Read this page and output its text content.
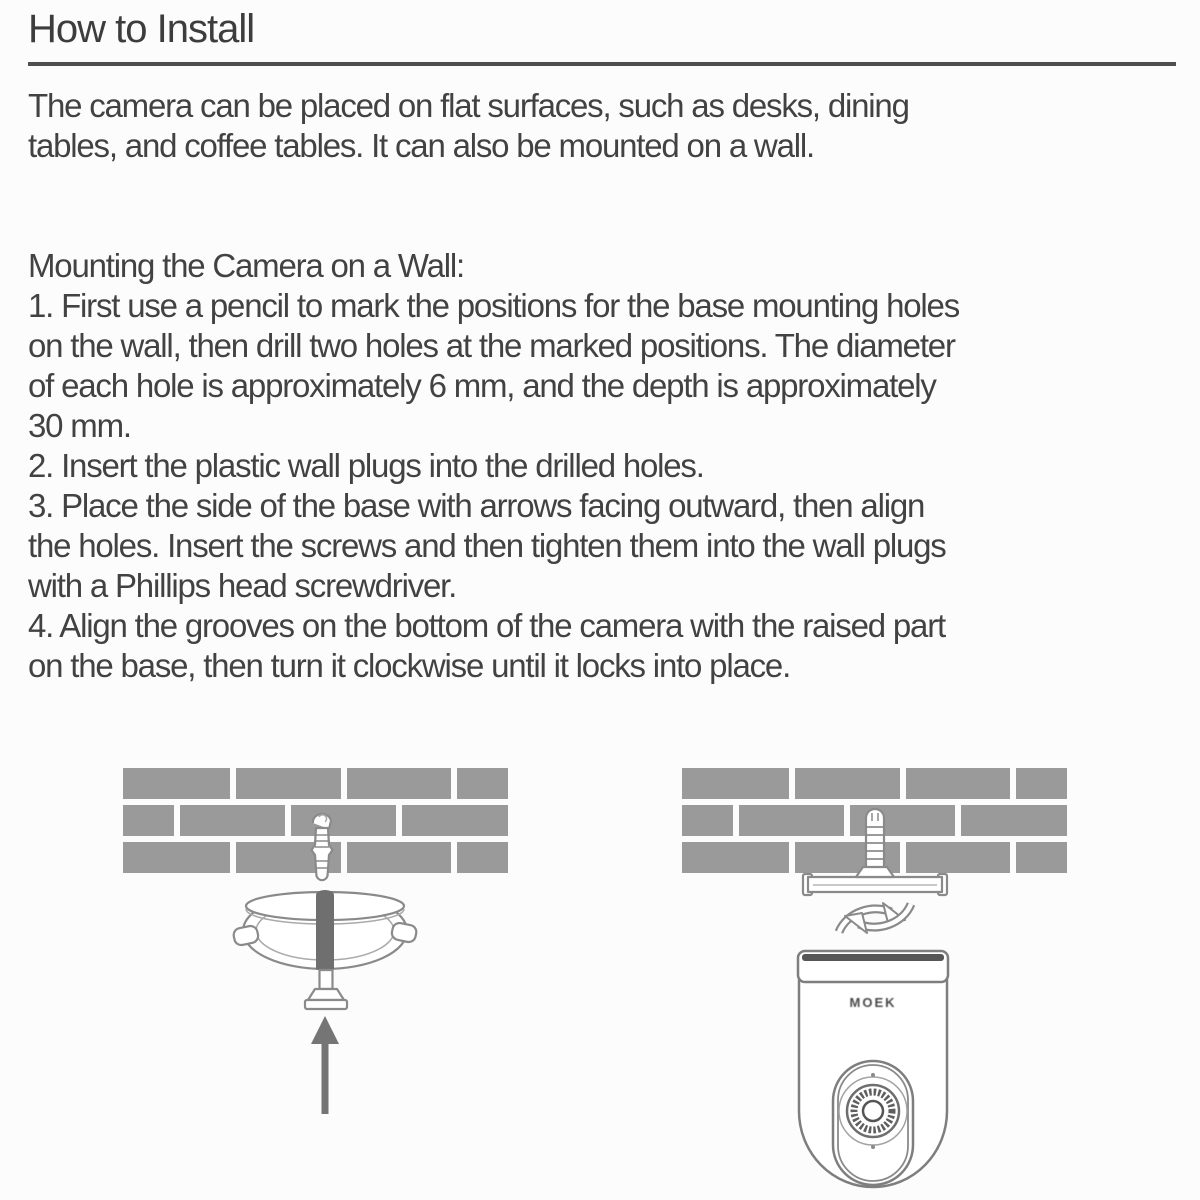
How to Install
The camera can be placed on flat surfaces, such as desks, dining
tables, and coffee tables. It can also be mounted on a wall.
Mounting the Camera on a Wall:
1. First use a pencil to mark the positions for the base mounting holes
on the wall, then drill two holes at the marked positions. The diameter
of each hole is approximately 6 mm, and the depth is approximately
30 mm.
2. Insert the plastic wall plugs into the drilled holes.
3. Place the side of the base with arrows facing outward, then align
the holes. Insert the screws and then tighten them into the wall plugs
with a Phillips head screwdriver.
4. Align the grooves on the bottom of the camera with the raised part
on the base, then turn it clockwise until it locks into place.
MOEK
